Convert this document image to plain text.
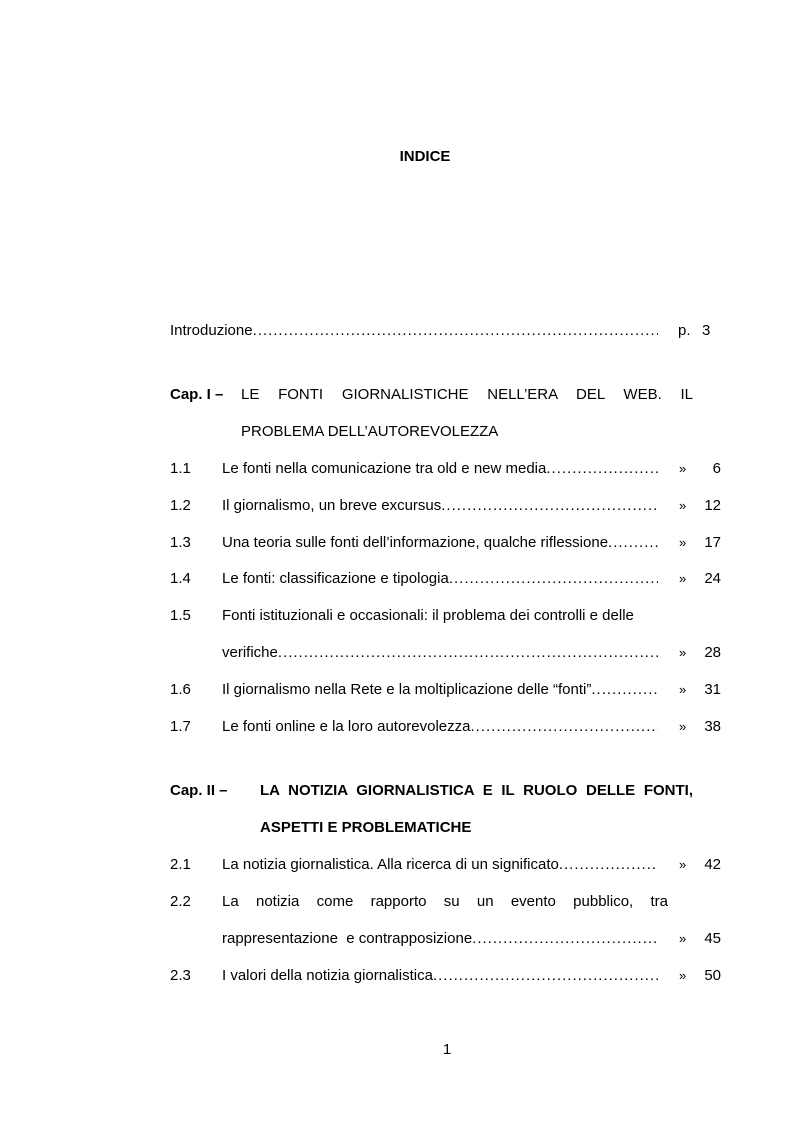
INDICE
Introduzione .....	p. 3
Cap. I – LE FONTI GIORNALISTICHE NELL’ERA DEL WEB. IL
PROBLEMA DELL’AUTOREVOLEZZA
1.1 Le fonti nella comunicazione tra old e new media .....	»	6
1.2 Il giornalismo, un breve excursus .....	»	12
1.3 Una teoria sulle fonti dell’informazione, qualche riflessione .....	»	17
1.4 Le fonti: classificazione e tipologia .....	»	24
1.5 Fonti istituzionali e occasionali: il problema dei controlli e delle
verifiche .....	»	28
1.6 Il giornalismo nella Rete e la moltiplicazione delle “fonti” .....	»	31
1.7 Le fonti online e la loro autorevolezza .....	»	38
Cap. II – LA NOTIZIA GIORNALISTICA E IL RUOLO DELLE FONTI,
ASPETTI E PROBLEMATICHE
2.1 La notizia giornalistica. Alla ricerca di un significato .....	»	42
2.2 La notizia come rapporto su un evento pubblico, tra
rappresentazione  e contrapposizione .....	»	45
2.3 I valori della notizia giornalistica .....	»	50
1
